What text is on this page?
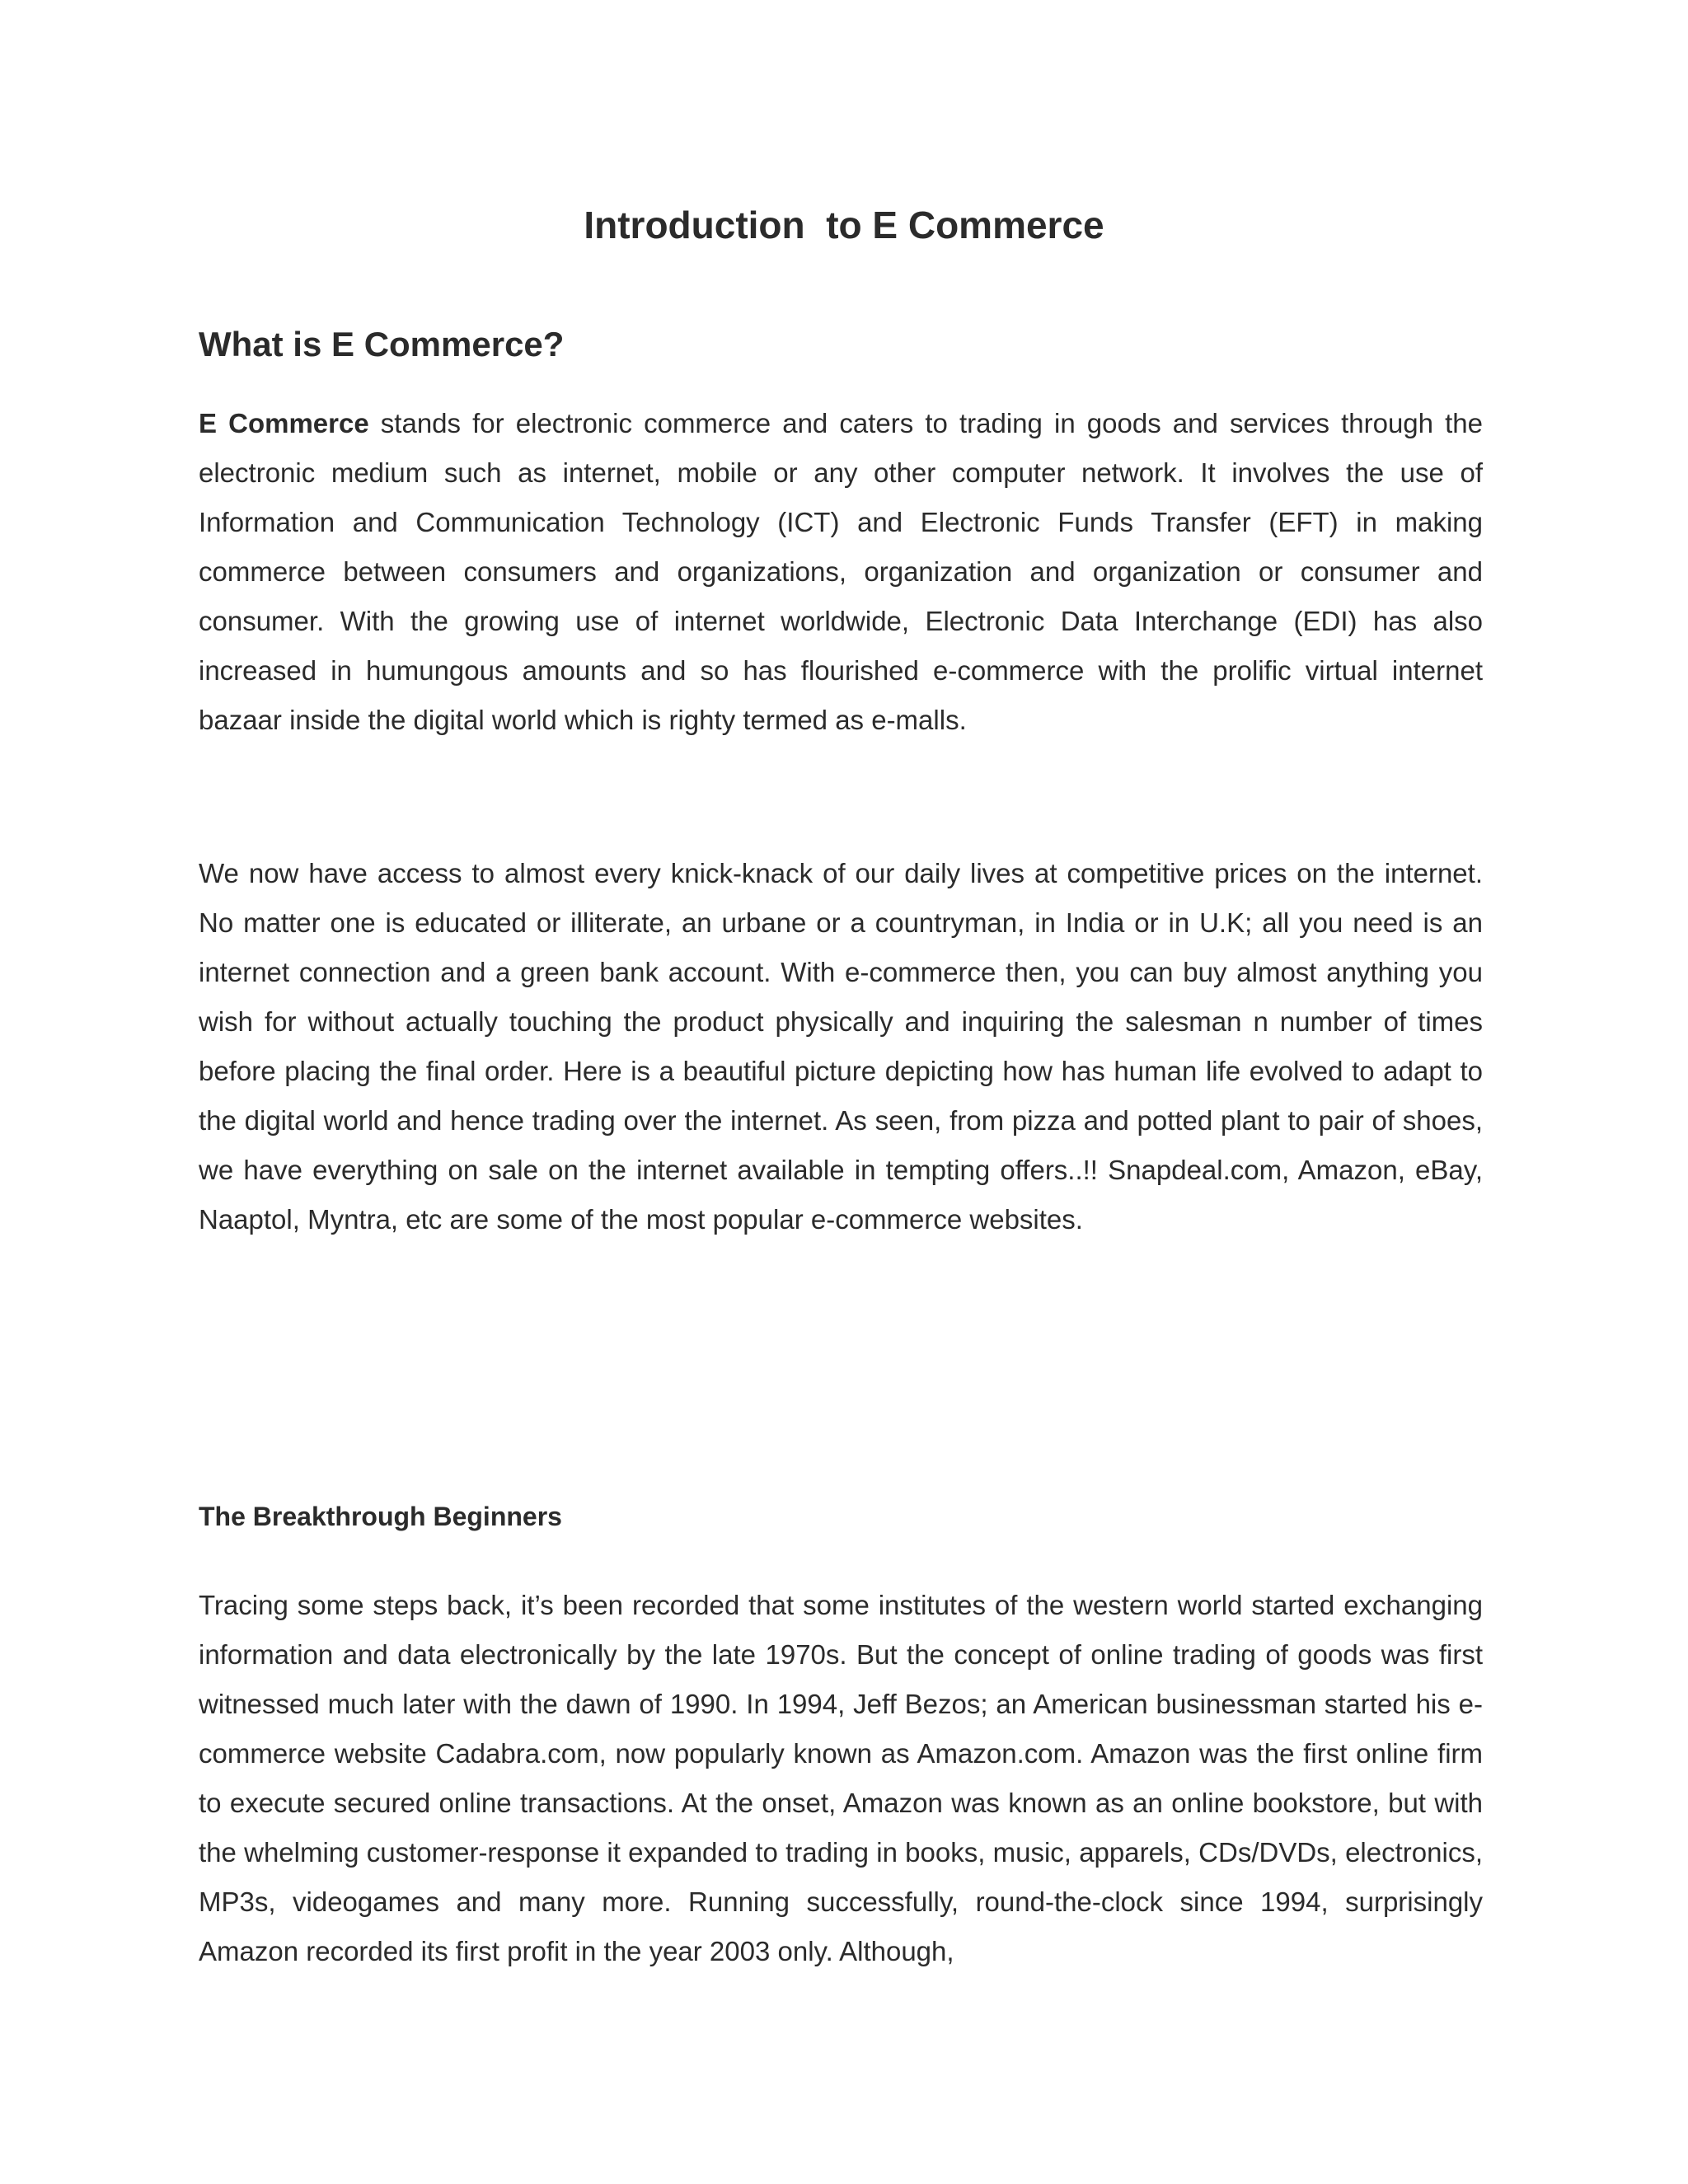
Introduction  to E Commerce
What is E Commerce?

E Commerce stands for electronic commerce and caters to trading in goods and services through the electronic medium such as internet, mobile or any other computer network. It involves the use of Information and Communication Technology (ICT) and Electronic Funds Transfer (EFT) in making commerce between consumers and organizations, organization and organization or consumer and consumer. With the growing use of internet worldwide, Electronic Data Interchange (EDI) has also increased in humungous amounts and so has flourished e-commerce with the prolific virtual internet bazaar inside the digital world which is righty termed as e-malls.

We now have access to almost every knick-knack of our daily lives at competitive prices on the internet. No matter one is educated or illiterate, an urbane or a countryman, in India or in U.K; all you need is an internet connection and a green bank account. With e-commerce then, you can buy almost anything you wish for without actually touching the product physically and inquiring the salesman n number of times before placing the final order. Here is a beautiful picture depicting how has human life evolved to adapt to the digital world and hence trading over the internet. As seen, from pizza and potted plant to pair of shoes, we have everything on sale on the internet available in tempting offers..!! Snapdeal.com, Amazon, eBay, Naaptol, Myntra, etc are some of the most popular e-commerce websites.

The Breakthrough Beginners

Tracing some steps back, it’s been recorded that some institutes of the western world started exchanging information and data electronically by the late 1970s. But the concept of online trading of goods was first witnessed much later with the dawn of 1990. In 1994, Jeff Bezos; an American businessman started his e-commerce website Cadabra.com, now popularly known as Amazon.com. Amazon was the first online firm to execute secured online transactions. At the onset, Amazon was known as an online bookstore, but with the whelming customer-response it expanded to trading in books, music, apparels, CDs/DVDs, electronics, MP3s, videogames and many more. Running successfully, round-the-clock since 1994, surprisingly Amazon recorded its first profit in the year 2003 only. Although,
